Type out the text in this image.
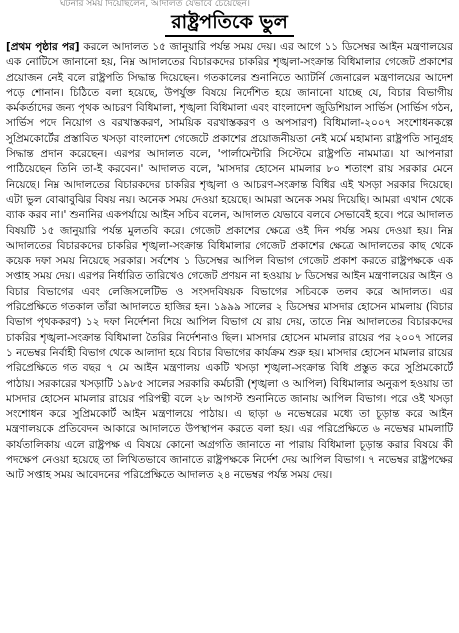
ঘটনার সময় দিয়েছিলেন, আদালত যেভাবে চেয়েছেন।
রাষ্ট্রপতিকে ভুল
[প্রথম পৃষ্ঠার পর] করলে আদালত ১৫ জানুয়ারি পর্যন্ত সময় দেয়। এর আগে ১১ ডিসেম্বর আইন মন্ত্রণালয়ের এক নোটিসে জানানো হয়, নিম্ন আদালতের বিচারকদের চাকরির শৃঙ্খলা-সংক্রান্ত বিধিমালার গেজেট প্রকাশের প্রয়োজন নেই বলে রাষ্ট্রপতি সিদ্ধান্ত দিয়েছেন। গতকালের শুনানিতে অ্যাটর্নি জেনারেল মন্ত্রণালয়ের আদেশ পড়ে শোনান। চিঠিতে বলা হয়েছে, উপর্যুক্ত বিষয়ে নির্দেশিত হয়ে জানানো যাচ্ছে যে, বিচার বিভাগীয় কর্মকর্তাদের জন্য পৃথক আচরণ বিধিমালা, শৃঙ্খলা বিধিমালা এবং বাংলাদেশ জুডিশিয়াল সার্ভিস (সার্ভিস গঠন, সার্ভিস পদে নিয়োগ ও বরখাস্তকরণ, সাময়িক বরখাস্তকরণ ও অপসারণ) বিধিমালা-২০০৭ সংশোধনকল্পে সুপ্রিমকোর্টের প্রস্তাবিত খসড়া বাংলাদেশ গেজেটে প্রকাশের প্রয়োজনীয়তা নেই মর্মে মহামান্য রাষ্ট্রপতি সানুগ্রহ সিদ্ধান্ত প্রদান করেছেন। এরপর আদালত বলে, 'পার্লামেন্টারি সিস্টেমে রাষ্ট্রপতি নামমাত্র। যা আপনারা পাঠিয়েছেন তিনি তা-ই করবেন।' আদালত বলে, 'মাসদার হোসেন মামলার ৮০ শতাংশ রায় সরকার মেনে নিয়েছে। নিম্ন আদালতের বিচারকদের চাকরির শৃঙ্খলা ও আচরণ-সংক্রান্ত বিধির এই খসড়া সরকার দিয়েছে। এটা ভুল বোঝাবুঝির বিষয় নয়। অনেক সময় দেওয়া হয়েছে। আমরা অনেক সময় দিয়েছি। আমরা এখান থেকে ব্যাক করব না।' শুনানির একপর্যায়ে আইন সচিব বলেন, আদালত যেভাবে বলবে সেভাবেই হবে। পরে আদালত বিষয়টি ১৫ জানুয়ারি পর্যন্ত মুলতবি করে। গেজেট প্রকাশের ক্ষেত্রে ওই দিন পর্যন্ত সময় দেওয়া হয়। নিম্ন আদালতের বিচারকদের চাকরির শৃঙ্খলা-সংক্রান্ত বিধিমালার গেজেট প্রকাশের ক্ষেত্রে আদালতের কাছ থেকে কয়েক দফা সময় নিয়েছে সরকার। সর্বশেষ ১ ডিসেম্বর আপিল বিভাগ গেজেট প্রকাশ করতে রাষ্ট্রপক্ষকে এক সপ্তাহ সময় দেয়। এরপর নির্ধারিত তারিখেও গেজেট প্রণয়ন না হওয়ায় ৮ ডিসেম্বর আইন মন্ত্রণালয়ের আইন ও বিচার বিভাগের এবং লেজিসলেটিভ ও সংসদবিষয়ক বিভাগের সচিবকে তলব করে আদালত। এর পরিপ্রেক্ষিতে গতকাল তাঁরা আদালতে হাজির হন। ১৯৯৯ সালের ২ ডিসেম্বর মাসদার হোসেন মামলায় (বিচার বিভাগ পৃথককরণ) ১২ দফা নির্দেশনা দিয়ে আপিল বিভাগ যে রায় দেয়, তাতে নিম্ন আদালতের বিচারকদের চাকরির শৃঙ্খলা-সংক্রান্ত বিধিমালা তৈরির নির্দেশনাও ছিল। মাসদার হোসেন মামলার রায়ের পর ২০০৭ সালের ১ নভেম্বর নির্বাহী বিভাগ থেকে আলাদা হয়ে বিচার বিভাগের কার্যক্রম শুরু হয়। মাসদার হোসেন মামলার রায়ের পরিপ্রেক্ষিতে গত বছর ৭ মে আইন মন্ত্রণালয় একটি খসড়া শৃঙ্খলা-সংক্রান্ত বিধি প্রস্তুত করে সুপ্রিমকোর্টে পাঠায়। সরকারের খসড়াটি ১৯৮৫ সালের সরকারি কর্মচারী (শৃঙ্খলা ও আপিল) বিধিমালার অনুরূপ হওয়ায় তা মাসদার হোসেন মামলার রায়ের পরিপন্থী বলে ২৮ আগস্ট শুনানিতে জানায় আপিল বিভাগ। পরে ওই খসড়া সংশোধন করে সুপ্রিমকোর্ট আইন মন্ত্রণালয়ে পাঠায়। এ ছাড়া ৬ নভেম্বরের মধ্যে তা চূড়ান্ত করে আইন মন্ত্রণালয়কে প্রতিবেদন আকারে আদালতে উপস্থাপন করতে বলা হয়। এর পরিপ্রেক্ষিতে ৬ নভেম্বর মামলাটি কার্যতালিকায় এলে রাষ্ট্রপক্ষ এ বিষয়ে কোনো অগ্রগতি জানাতে না পারায় বিধিমালা চূড়ান্ত করার বিষয়ে কী পদক্ষেপ নেওয়া হয়েছে তা লিখিতভাবে জানাতে রাষ্ট্রপক্ষকে নির্দেশ দেয় আপিল বিভাগ। ৭ নভেম্বর রাষ্ট্রপক্ষের আট সপ্তাহ সময় আবেদনের পরিপ্রেক্ষিতে আদালত ২৪ নভেম্বর পর্যন্ত সময় দেয়।
